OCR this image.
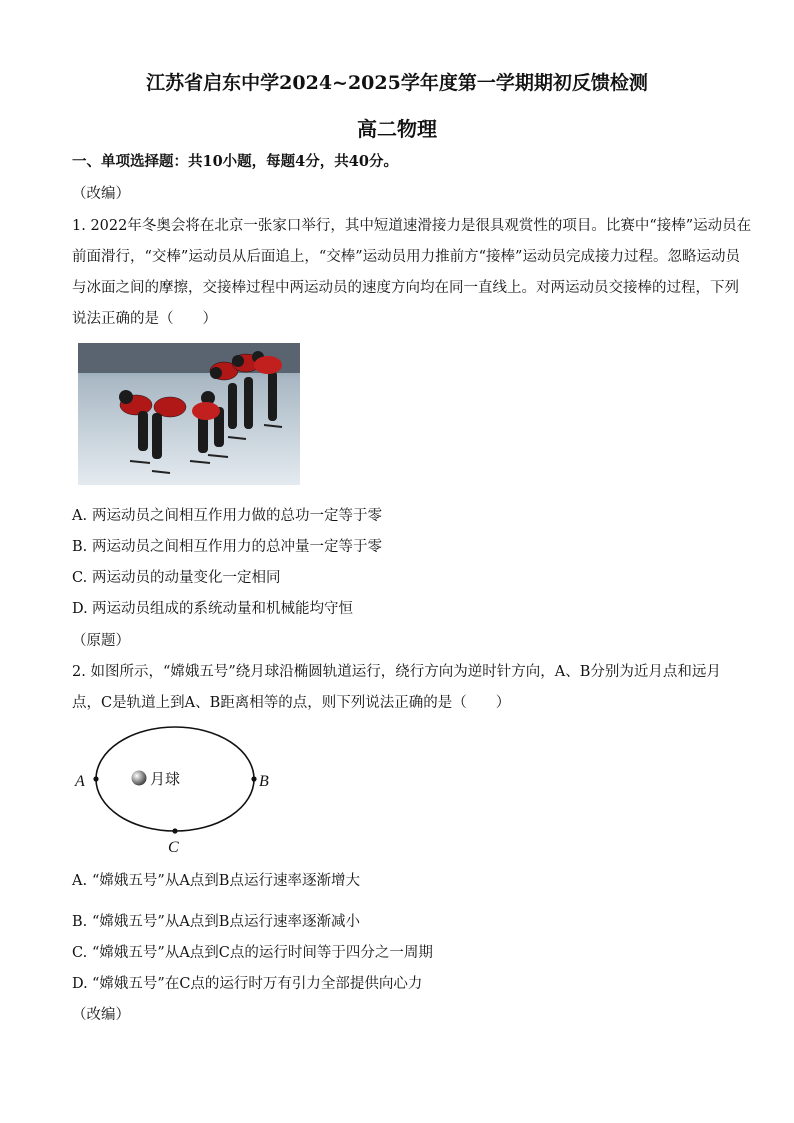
江苏省启东中学2024~2025学年度第一学期期初反馈检测
高二物理
一、单项选择题：共10小题，每题4分，共40分。
（改编）
1. 2022年冬奥会将在北京一张家口举行，其中短道速滑接力是很具观赏性的项目。比赛中“接棒”运动员在
前面滑行，“交棒”运动员从后面追上，“交棒”运动员用力推前方“接棒”运动员完成接力过程。忽略运动员
与冰面之间的摩擦，交接棒过程中两运动员的速度方向均在同一直线上。对两运动员交接棒的过程，下列
说法正确的是（　　）
A. 两运动员之间相互作用力做的总功一定等于零
B. 两运动员之间相互作用力的总冲量一定等于零
C. 两运动员的动量变化一定相同
D. 两运动员组成的系统动量和机械能均守恒
（原题）
2. 如图所示，“嫦娥五号”绕月球沿椭圆轨道运行，绕行方向为逆时针方向，A、B分别为近月点和远月
点，C是轨道上到A、B距离相等的点，则下列说法正确的是（　　）
月球
A	B
C
A. “嫦娥五号”从A点到B点运行速率逐渐增大
B. “嫦娥五号”从A点到B点运行速率逐渐减小
C. “嫦娥五号”从A点到C点的运行时间等于四分之一周期
D. “嫦娥五号”在C点的运行时万有引力全部提供向心力
（改编）
